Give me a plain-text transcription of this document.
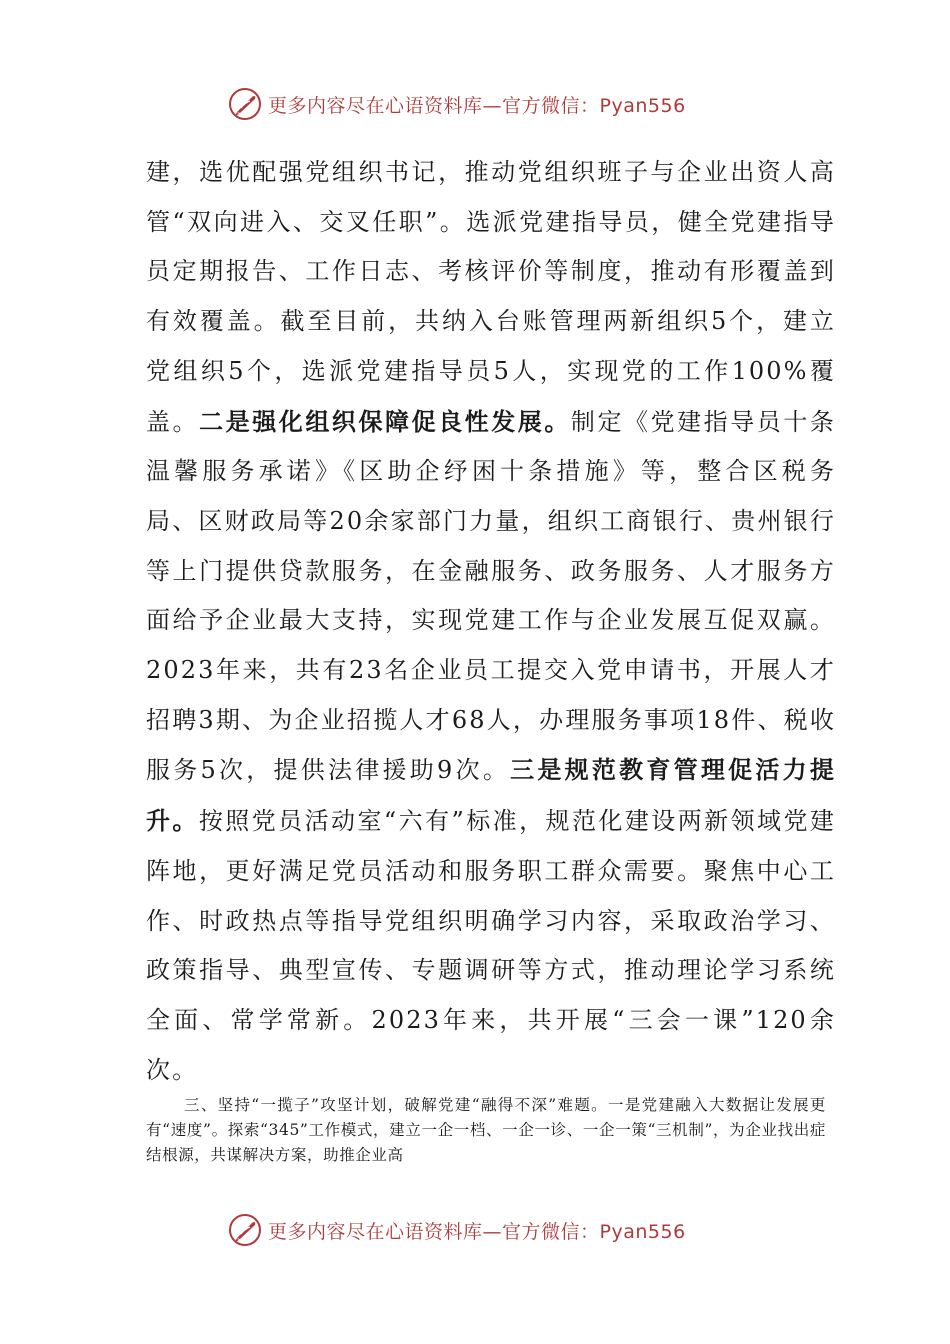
更多内容尽在心语资料库—官方微信：Pyan556
建，选优配强党组织书记，推动党组织班子与企业出资人高管“双向进入、交叉任职”。选派党建指导员，健全党建指导员定期报告、工作日志、考核评价等制度，推动有形覆盖到有效覆盖。截至目前，共纳入台账管理两新组织5个，建立党组织5个，选派党建指导员5人，实现党的工作100%覆盖。二是强化组织保障促良性发展。制定《党建指导员十条温馨服务承诺》《区助企纾困十条措施》等，整合区税务局、区财政局等20余家部门力量，组织工商银行、贵州银行等上门提供贷款服务，在金融服务、政务服务、人才服务方面给予企业最大支持，实现党建工作与企业发展互促双赢。2023年来，共有23名企业员工提交入党申请书，开展人才招聘3期、为企业招揽人才68人，办理服务事项18件、税收服务5次，提供法律援助9次。三是规范教育管理促活力提升。按照党员活动室“六有”标准，规范化建设两新领域党建阵地，更好满足党员活动和服务职工群众需要。聚焦中心工作、时政热点等指导党组织明确学习内容，采取政治学习、政策指导、典型宣传、专题调研等方式，推动理论学习系统全面、常学常新。2023年来，共开展“三会一课”120余次。
三、坚持“一揽子”攻坚计划，破解党建“融得不深”难题。一是党建融入大数据让发展更有“速度”。探索“345”工作模式，建立一企一档、一企一诊、一企一策“三机制”，为企业找出症结根源，共谋解决方案，助推企业高
更多内容尽在心语资料库—官方微信：Pyan556
